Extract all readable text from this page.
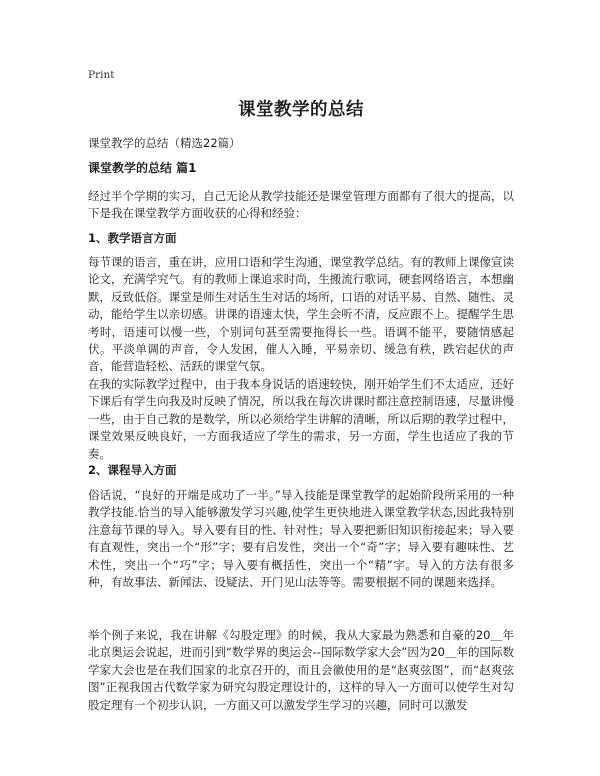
Print
课堂教学的总结

课堂教学的总结（精选22篇）

课堂教学的总结 篇1

经过半个学期的实习，自己无论从教学技能还是课堂管理方面都有了很大的提高，以下是我在课堂教学方面收获的心得和经验：

1、教学语言方面

每节课的语言，重在讲，应用口语和学生沟通，课堂教学总结。有的教师上课像宣读论文，充满学究气。有的教师上课追求时尚，生搬流行歌词，硬套网络语言，本想幽默，反致低俗。课堂是师生对话生生对话的场所，口语的对话平易、自然、随性、灵动，能给学生以亲切感。讲课的语速太快，学生会听不清，反应跟不上。提醒学生思考时，语速可以慢一些，个别词句甚至需要拖得长一些。语调不能平，要随情感起伏。平淡单调的声音，令人发困，催人入睡，平易亲切、缓急有秩，跌宕起伏的声音，能营造轻松、活跃的课堂气氛。

在我的实际教学过程中，由于我本身说话的语速较快，刚开始学生们不太适应，还好下课后有学生向我及时反映了情况，所以我在每次讲课时都注意控制语速，尽量讲慢一些，由于自己教的是数学，所以必须给学生讲解的清晰，所以后期的教学过程中，课堂效果反映良好，一方面我适应了学生的需求，另一方面，学生也适应了我的节奏。

2、课程导入方面

俗话说，“良好的开端是成功了一半。”导入技能是课堂教学的起始阶段所采用的一种教学技能.恰当的导入能够激发学习兴趣,使学生更快地进入课堂教学状态,因此我特别注意每节课的导入。导入要有目的性、针对性；导入要把新旧知识衔接起来；导入要有直观性，突出一个“形”字；要有启发性，突出一个“奇”字；导入要有趣味性、艺术性，突出一个“巧”字；导入要有概括性，突出一个“精”字。导入的方法有很多种，有故事法、新闻法、设疑法、开门见山法等等。需要根据不同的课题来选择。

举个例子来说，我在讲解《勾股定理》的时候，我从大家最为熟悉和自豪的20＿年北京奥运会说起，进而引到“数学界的奥运会--国际数学家大会”因为20＿年的国际数学家大会也是在我们国家的北京召开的，而且会徽使用的是“赵爽弦图”，而“赵爽弦图”正视我国古代数学家为研究勾股定理设计的，这样的导入一方面可以使学生对勾股定理有一个初步认识，一方面又可以激发学生学习的兴趣，同时可以激发
